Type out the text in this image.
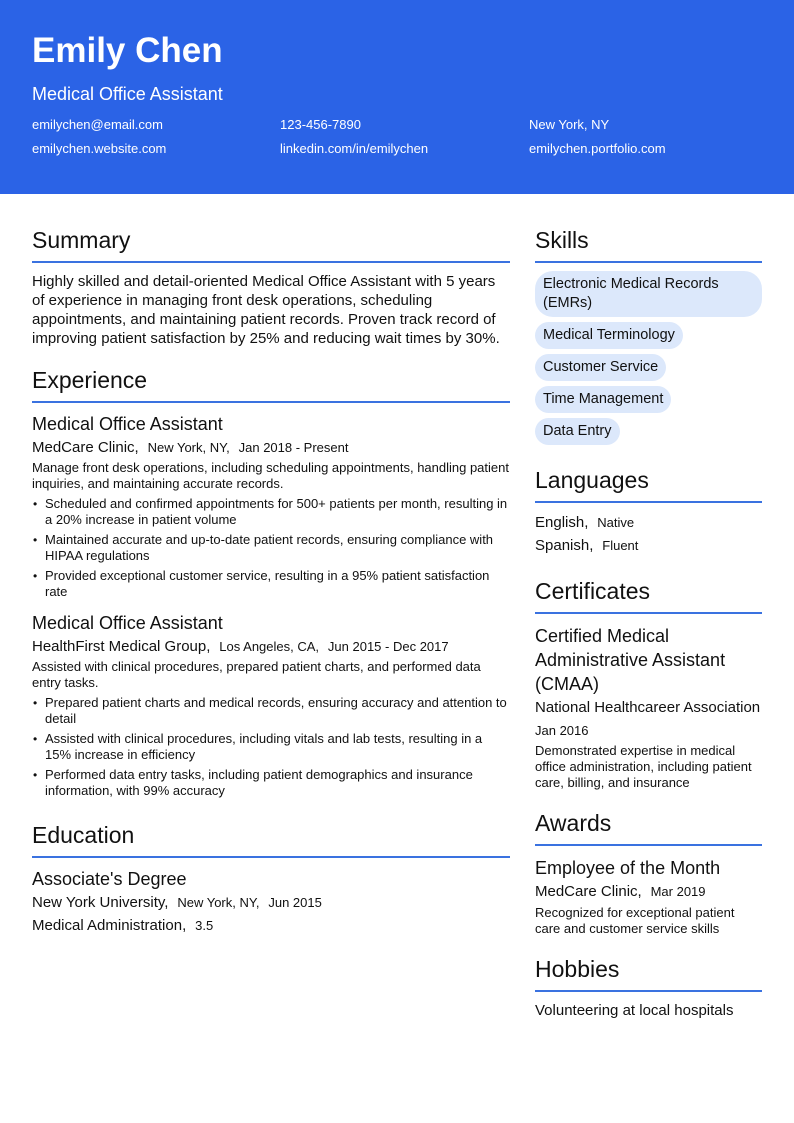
Emily Chen
Medical Office Assistant
emilychen@email.com	123-456-7890	New York, NY
emilychen.website.com	linkedin.com/in/emilychen	emilychen.portfolio.com
Summary

Highly skilled and detail-oriented Medical Office Assistant with 5 years of experience in managing front desk operations, scheduling appointments, and maintaining patient records. Proven track record of improving patient satisfaction by 25% and reducing wait times by 30%.

Experience
Medical Office Assistant
MedCare Clinic, New York, NY, Jan 2018 - Present
Manage front desk operations, including scheduling appointments, handling patient inquiries, and maintaining accurate records.
• Scheduled and confirmed appointments for 500+ patients per month, resulting in a 20% increase in patient volume
• Maintained accurate and up-to-date patient records, ensuring compliance with HIPAA regulations
• Provided exceptional customer service, resulting in a 95% patient satisfaction rate
Medical Office Assistant
HealthFirst Medical Group, Los Angeles, CA, Jun 2015 - Dec 2017
Assisted with clinical procedures, prepared patient charts, and performed data entry tasks.
• Prepared patient charts and medical records, ensuring accuracy and attention to detail
• Assisted with clinical procedures, including vitals and lab tests, resulting in a 15% increase in efficiency
• Performed data entry tasks, including patient demographics and insurance information, with 99% accuracy
Education
Associate's Degree
New York University, New York, NY, Jun 2015
Medical Administration, 3.5
Skills
Electronic Medical Records (EMRs)
Medical Terminology
Customer Service
Time Management
Data Entry
Languages
English, Native
Spanish, Fluent
Certificates
Certified Medical Administrative Assistant (CMAA)
National Healthcareer Association
Jan 2016
Demonstrated expertise in medical office administration, including patient care, billing, and insurance
Awards
Employee of the Month
MedCare Clinic, Mar 2019
Recognized for exceptional patient care and customer service skills
Hobbies
Volunteering at local hospitals
